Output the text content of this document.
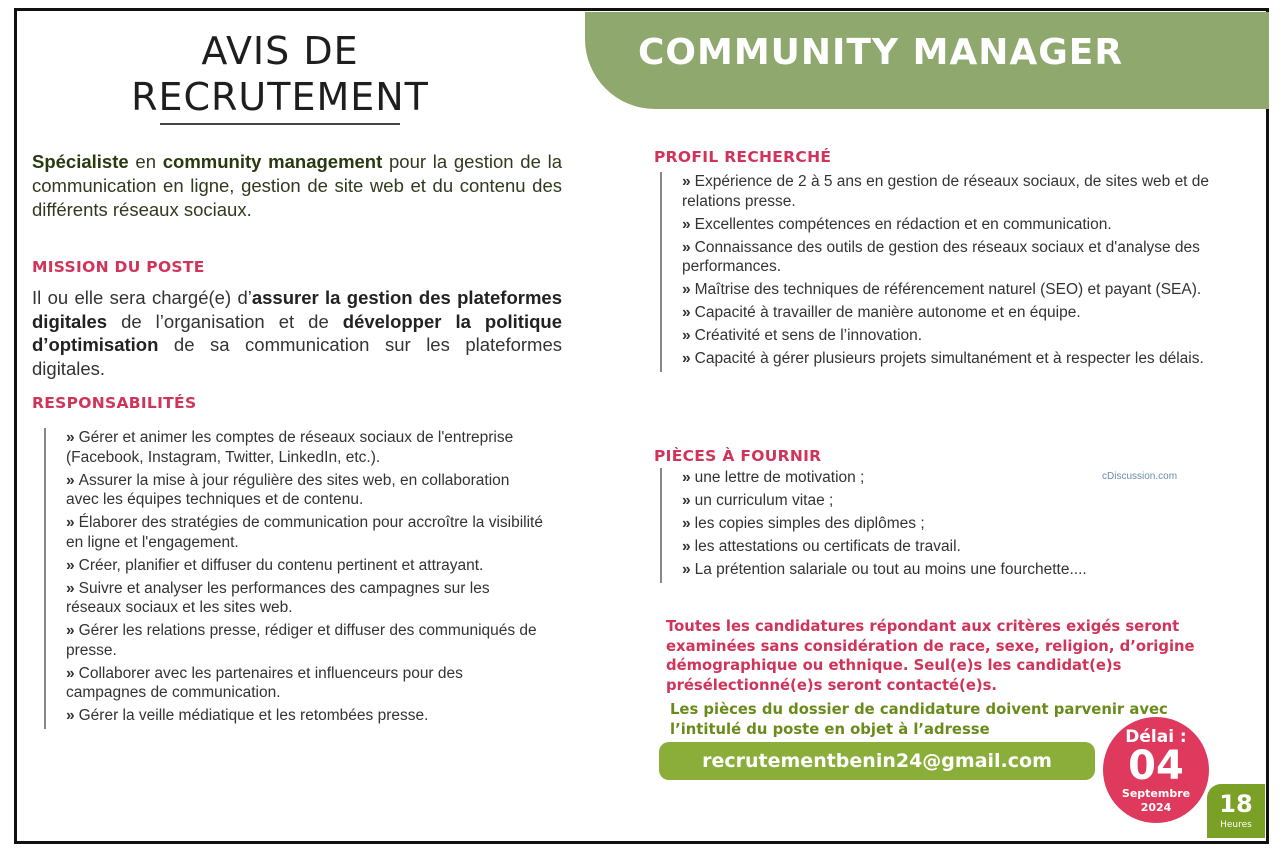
AVIS DE
RECRUTEMENT
COMMUNITY MANAGER
Spécialiste en community management pour la gestion de la communication en ligne, gestion de site web et du contenu des différents réseaux sociaux.
MISSION DU POSTE
Il ou elle sera chargé(e) d’assurer la gestion des plateformes digitales de l’organisation et de développer la politique d’optimisation de sa communication sur les plateformes digitales.
RESPONSABILITÉS
» Gérer et animer les comptes de réseaux sociaux de l'entreprise (Facebook, Instagram, Twitter, LinkedIn, etc.).
» Assurer la mise à jour régulière des sites web, en collaboration avec les équipes techniques et de contenu.
» Élaborer des stratégies de communication pour accroître la visibilité en ligne et l'engagement.
» Créer, planifier et diffuser du contenu pertinent et attrayant.
» Suivre et analyser les performances des campagnes sur les réseaux sociaux et les sites web.
» Gérer les relations presse, rédiger et diffuser des communiqués de presse.
» Collaborer avec les partenaires et influenceurs pour des campagnes de communication.
» Gérer la veille médiatique et les retombées presse.
PROFIL RECHERCHÉ
» Expérience de 2 à 5 ans en gestion de réseaux sociaux, de sites web et de relations presse.
» Excellentes compétences en rédaction et en communication.
» Connaissance des outils de gestion des réseaux sociaux et d'analyse des performances.
» Maîtrise des techniques de référencement naturel (SEO) et payant (SEA).
» Capacité à travailler de manière autonome et en équipe.
» Créativité et sens de l’innovation.
» Capacité à gérer plusieurs projets simultanément et à respecter les délais.
PIÈCES À FOURNIR
» une lettre de motivation ;
» un curriculum vitae ;
» les copies simples des diplômes ;
» les attestations ou certificats de travail.
» La prétention salariale ou tout au moins une fourchette....
cDiscussion.com
Toutes les candidatures répondant aux critères exigés seront examinées sans considération de race, sexe, religion, d’origine démographique ou ethnique. Seul(e)s les candidat(e)s présélectionné(e)s seront contacté(e)s.
Les pièces du dossier de candidature doivent parvenir avec l’intitulé du poste en objet à l’adresse
recrutementbenin24@gmail.com
Délai :
04
Septembre
2024	18
Heures
